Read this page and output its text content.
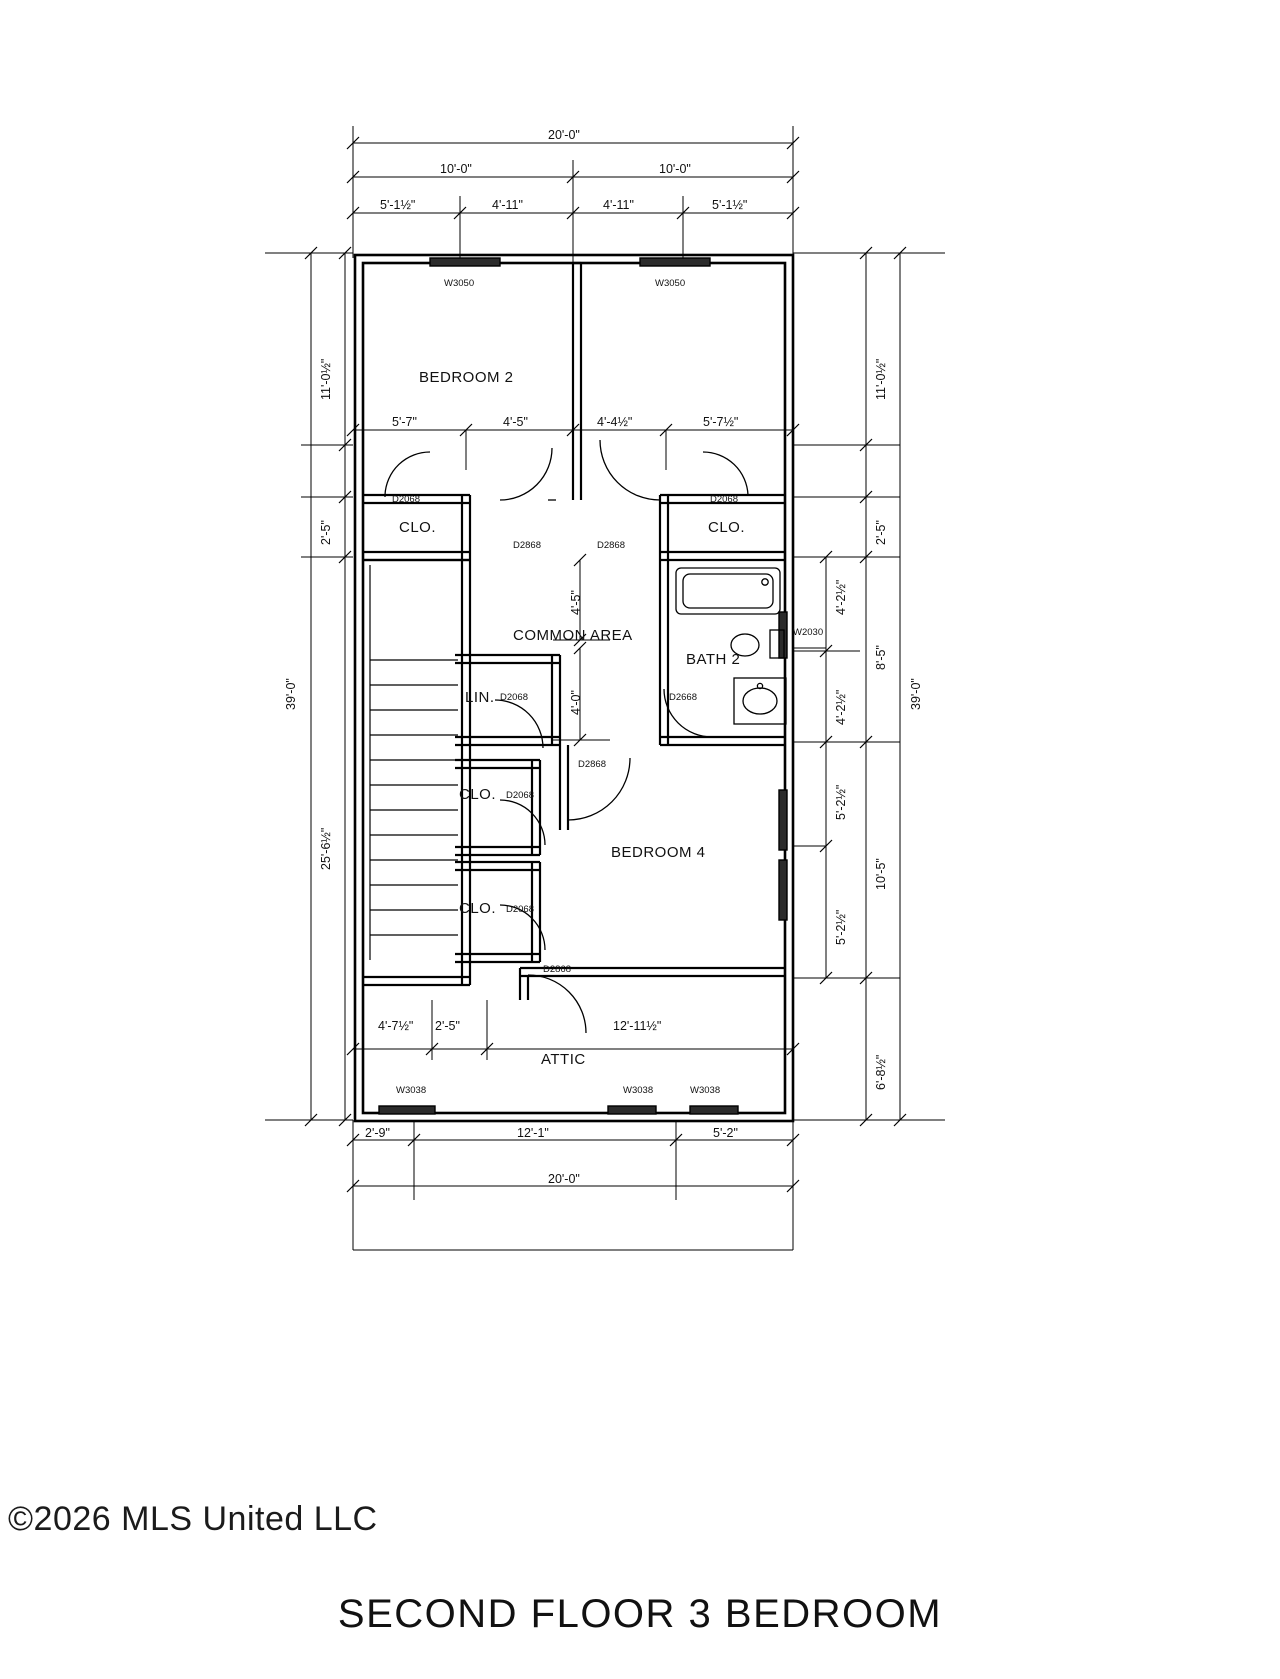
20'-0"
10'-0"	10'-0"
5'-1½"	4'-11"	4'-11"	5'-1½"
5'-7"	4'-5"	4'-4½"	5'-7½"
11'-0½"
2'-5"
25'-6½"
39'-0"
11'-0½"
2'-5"
8'-5"
10'-5"
6'-8½"
39'-0"
4'-2½"
4'-2½"
5'-2½"
5'-2½"
4'-5"
4'-0"
4'-7½" 2'-5"	12'-11½"
2'-9"	12'-1"	5'-2"
20'-0"
BEDROOM 2
CLO.	CLO.
COMMON AREA
BATH 2
LIN.
CLO.
CLO.
BEDROOM 4
ATTIC
D2068	D2068
D2868	D2868
D2068	D2668
D2868
D2068
D2068
D2868
W3050	W3050
W2030
W3038	W3038	W3038
©2026 MLS United LLC
SECOND FLOOR 3 BEDROOM
